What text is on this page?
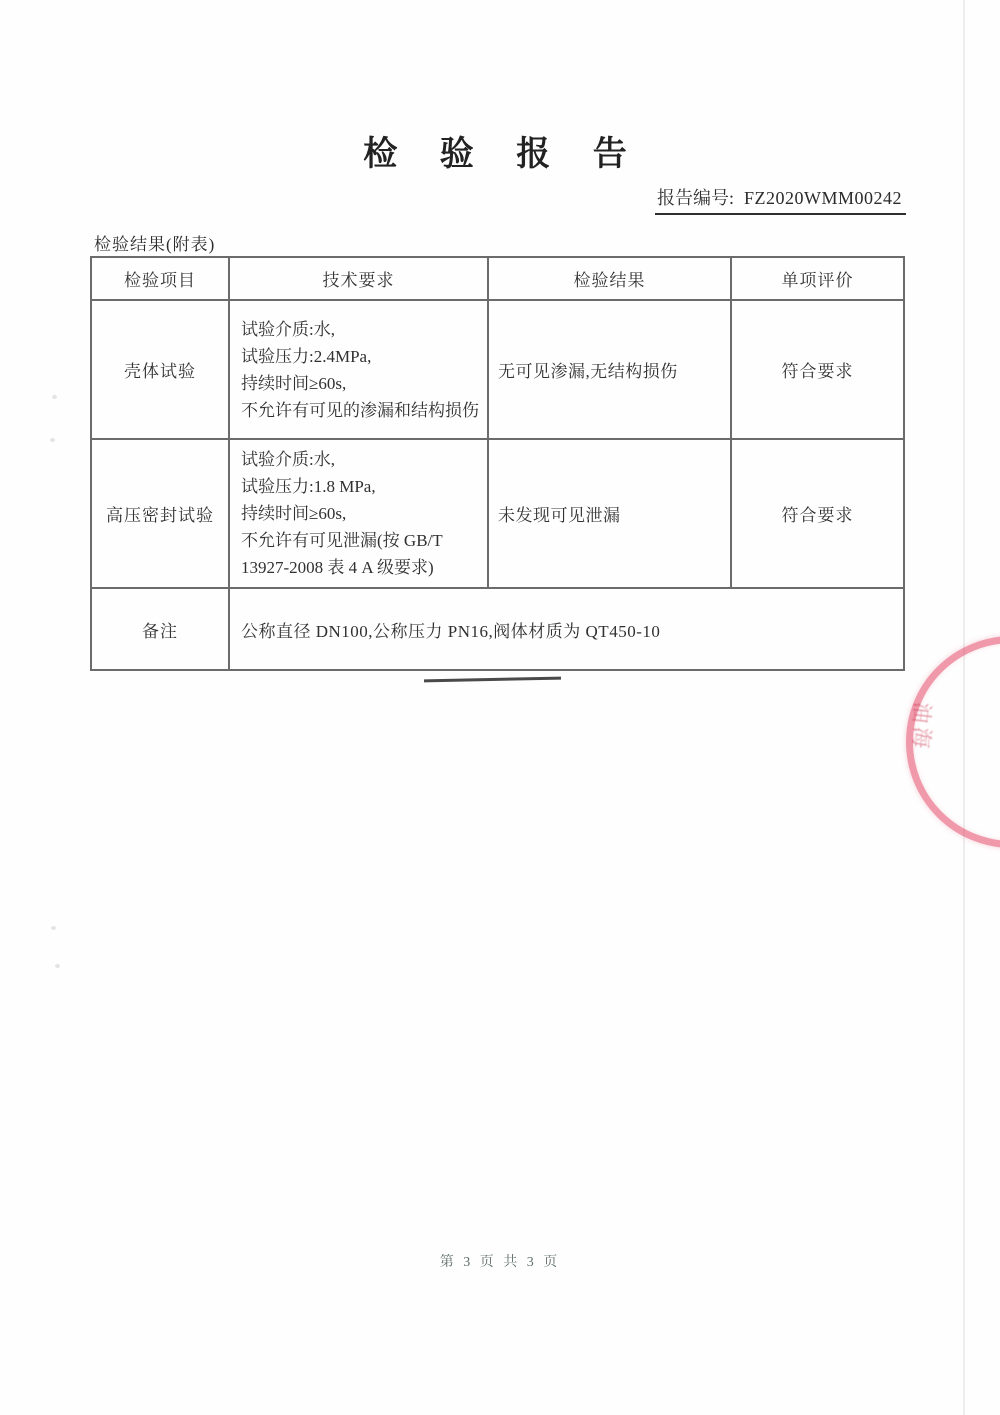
检 验 报 告
报告编号: FZ2020WMM00242
检验结果(附表)
检验项目	技术要求	检验结果	单项评价
壳体试验	试验介质:水,
试验压力:2.4MPa,
持续时间≥60s,
不允许有可见的渗漏和结构损伤	无可见渗漏,无结构损伤	符合要求
高压密封试验	试验介质:水,
试验压力:1.8 MPa,
持续时间≥60s,
不允许有可见泄漏(按 GB/T
13927-2008 表 4 A 级要求)	未发现可见泄漏	符合要求
备注	公称直径 DN100,公称压力 PN16,阀体材质为 QT450-10		
油
海
第 3 页 共 3 页
